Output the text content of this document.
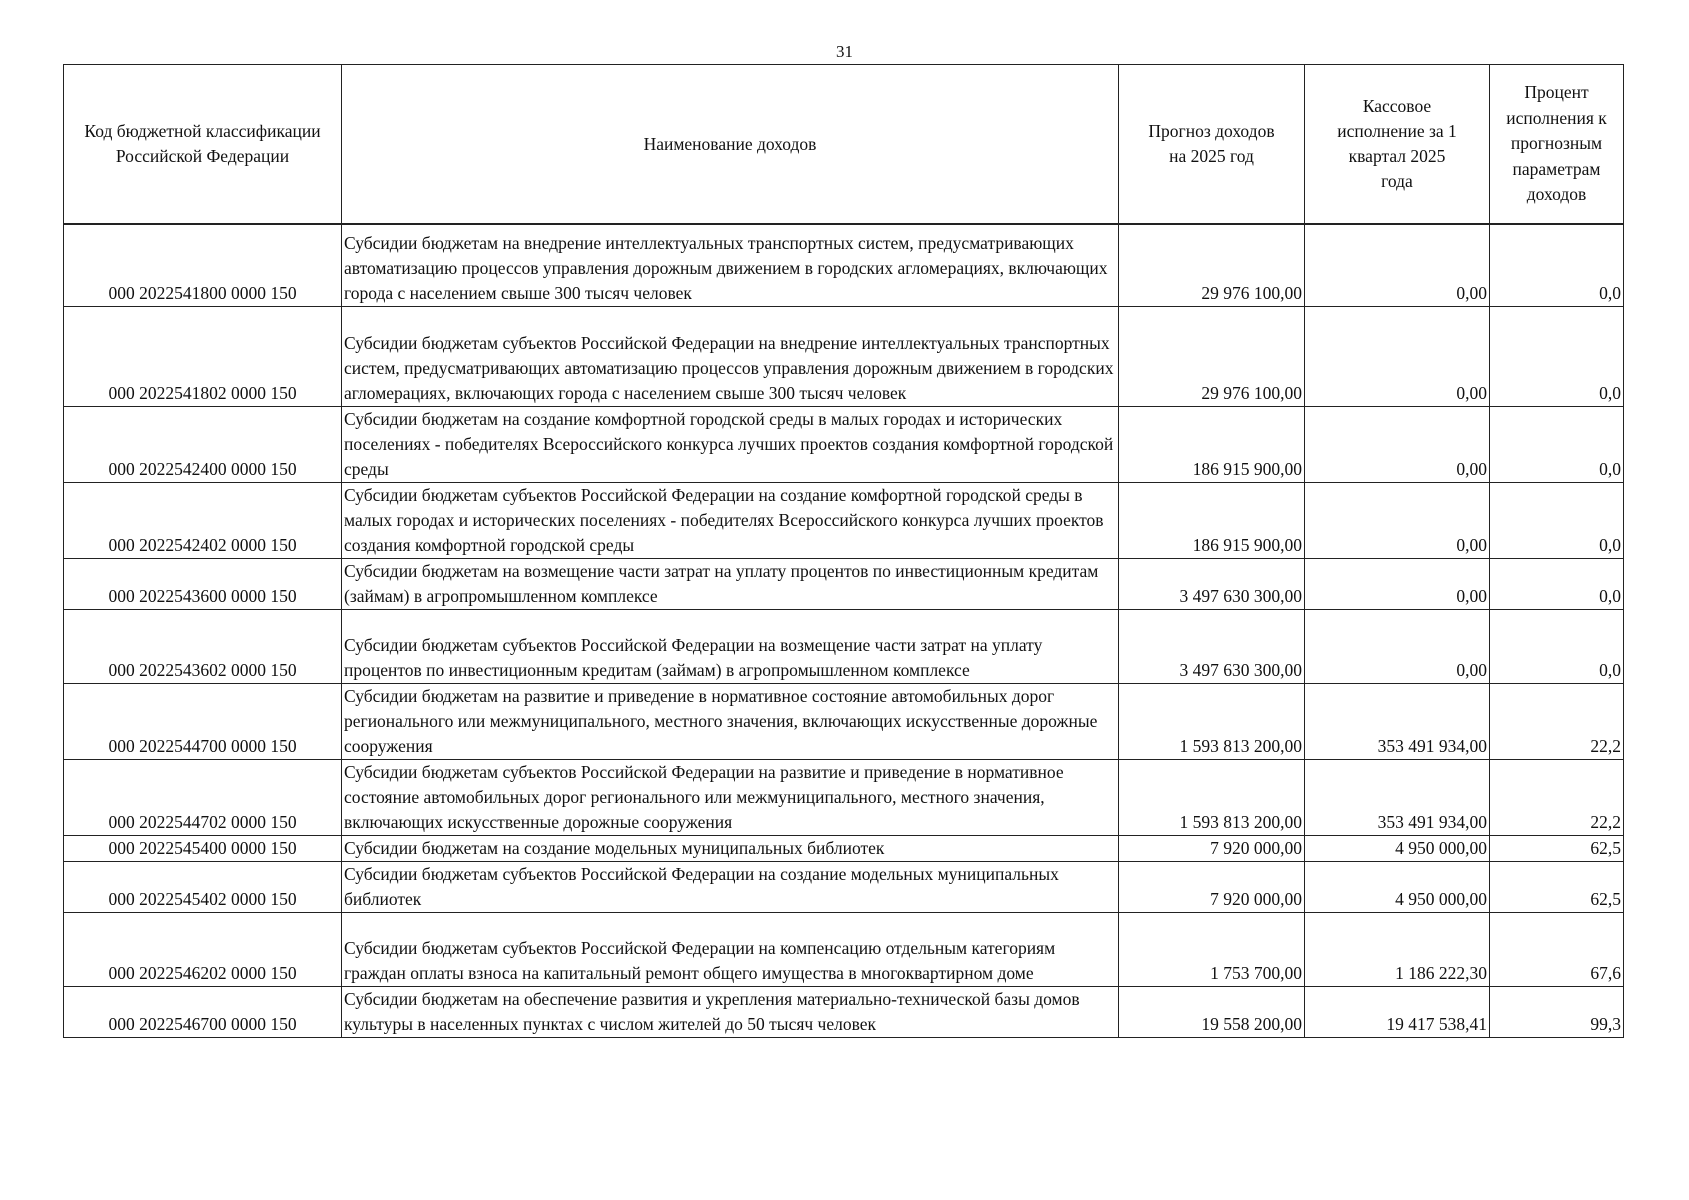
31
Код бюджетной классификации Российской Федерации	Наименование доходов	Прогноз доходов на 2025 год	Кассовое исполнение за 1 квартал 2025 года	Процент исполнения к прогнозным параметрам доходов
000 2022541800 0000 150	Субсидии бюджетам на внедрение интеллектуальных транспортных систем, предусматривающих автоматизацию процессов управления дорожным движением в городских агломерациях, включающих города с населением свыше 300 тысяч человек	29 976 100,00	0,00	0,0
000 2022541802 0000 150	Субсидии бюджетам субъектов Российской Федерации на внедрение интеллектуальных транспортных систем, предусматривающих автоматизацию процессов управления дорожным движением в городских агломерациях, включающих города с населением свыше 300 тысяч человек	29 976 100,00	0,00	0,0
000 2022542400 0000 150	Субсидии бюджетам на создание комфортной городской среды в малых городах и исторических поселениях - победителях Всероссийского конкурса лучших проектов создания комфортной городской среды	186 915 900,00	0,00	0,0
000 2022542402 0000 150	Субсидии бюджетам субъектов Российской Федерации на создание комфортной городской среды в малых городах и исторических поселениях - победителях Всероссийского конкурса лучших проектов создания комфортной городской среды	186 915 900,00	0,00	0,0
000 2022543600 0000 150	Субсидии бюджетам на возмещение части затрат на уплату процентов по инвестиционным кредитам (займам) в агропромышленном комплексе	3 497 630 300,00	0,00	0,0
000 2022543602 0000 150	Субсидии бюджетам субъектов Российской Федерации на возмещение части затрат на уплату процентов по инвестиционным кредитам (займам) в агропромышленном комплексе	3 497 630 300,00	0,00	0,0
000 2022544700 0000 150	Субсидии бюджетам на развитие и приведение в нормативное состояние автомобильных дорог регионального или межмуниципального, местного значения, включающих искусственные дорожные сооружения	1 593 813 200,00	353 491 934,00	22,2
000 2022544702 0000 150	Субсидии бюджетам субъектов Российской Федерации на развитие и приведение в нормативное состояние автомобильных дорог регионального или межмуниципального, местного значения, включающих искусственные дорожные сооружения	1 593 813 200,00	353 491 934,00	22,2
000 2022545400 0000 150	Субсидии бюджетам на создание модельных муниципальных библиотек	7 920 000,00	4 950 000,00	62,5
000 2022545402 0000 150	Субсидии бюджетам субъектов Российской Федерации на создание модельных муниципальных библиотек	7 920 000,00	4 950 000,00	62,5
000 2022546202 0000 150	Субсидии бюджетам субъектов Российской Федерации на компенсацию отдельным категориям граждан оплаты взноса на капитальный ремонт общего имущества в многоквартирном доме	1 753 700,00	1 186 222,30	67,6
000 2022546700 0000 150	Субсидии бюджетам на обеспечение развития и укрепления материально-технической базы домов культуры в населенных пунктах с числом жителей до 50 тысяч человек	19 558 200,00	19 417 538,41	99,3
